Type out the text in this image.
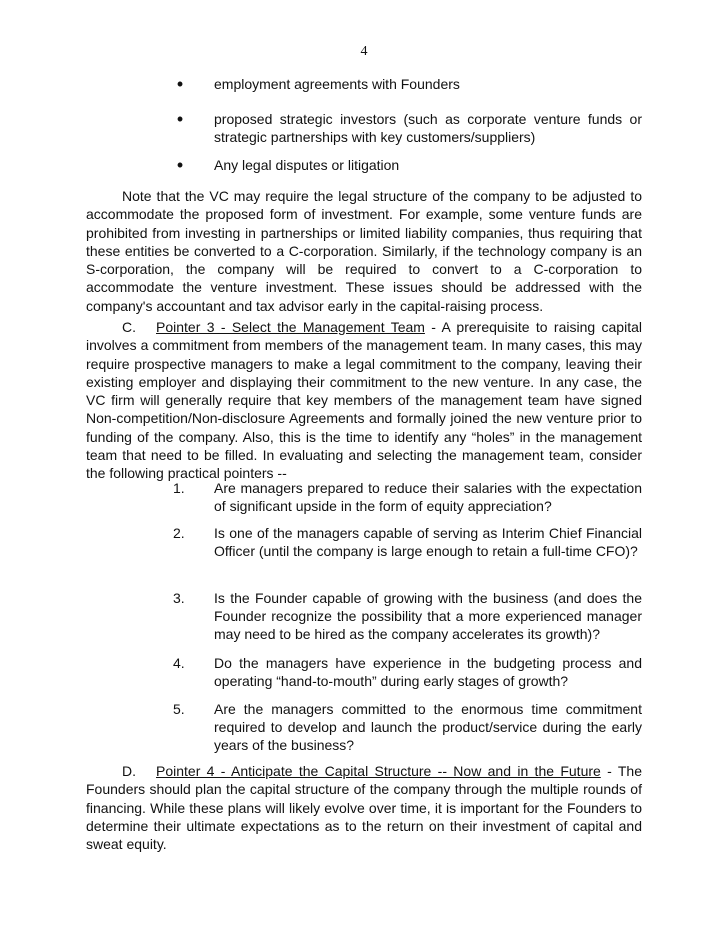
4
•	employment agreements with Founders
•	proposed strategic investors (such as corporate venture funds or strategic partnerships with key customers/suppliers)
•	Any legal disputes or litigation
Note that the VC may require the legal structure of the company to be adjusted to accommodate the proposed form of investment. For example, some venture funds are prohibited from investing in partnerships or limited liability companies, thus requiring that these entities be converted to a C-corporation. Similarly, if the technology company is an S-corporation, the company will be required to convert to a C-corporation to accommodate the venture investment. These issues should be addressed with the company's accountant and tax advisor early in the capital-raising process.
C. Pointer 3 - Select the Management Team - A prerequisite to raising capital involves a commitment from members of the management team. In many cases, this may require prospective managers to make a legal commitment to the company, leaving their existing employer and displaying their commitment to the new venture. In any case, the VC firm will generally require that key members of the management team have signed Non-competition/Non-disclosure Agreements and formally joined the new venture prior to funding of the company. Also, this is the time to identify any “holes” in the management team that need to be filled. In evaluating and selecting the management team, consider the following practical pointers --
1. Are managers prepared to reduce their salaries with the expectation of significant upside in the form of equity appreciation?
2. Is one of the managers capable of serving as Interim Chief Financial Officer (until the company is large enough to retain a full-time CFO)?
3. Is the Founder capable of growing with the business (and does the Founder recognize the possibility that a more experienced manager may need to be hired as the company accelerates its growth)?
4. Do the managers have experience in the budgeting process and operating “hand-to-mouth” during early stages of growth?
5. Are the managers committed to the enormous time commitment required to develop and launch the product/service during the early years of the business?
D. Pointer 4 - Anticipate the Capital Structure -- Now and in the Future - The Founders should plan the capital structure of the company through the multiple rounds of financing. While these plans will likely evolve over time, it is important for the Founders to determine their ultimate expectations as to the return on their investment of capital and sweat equity.
